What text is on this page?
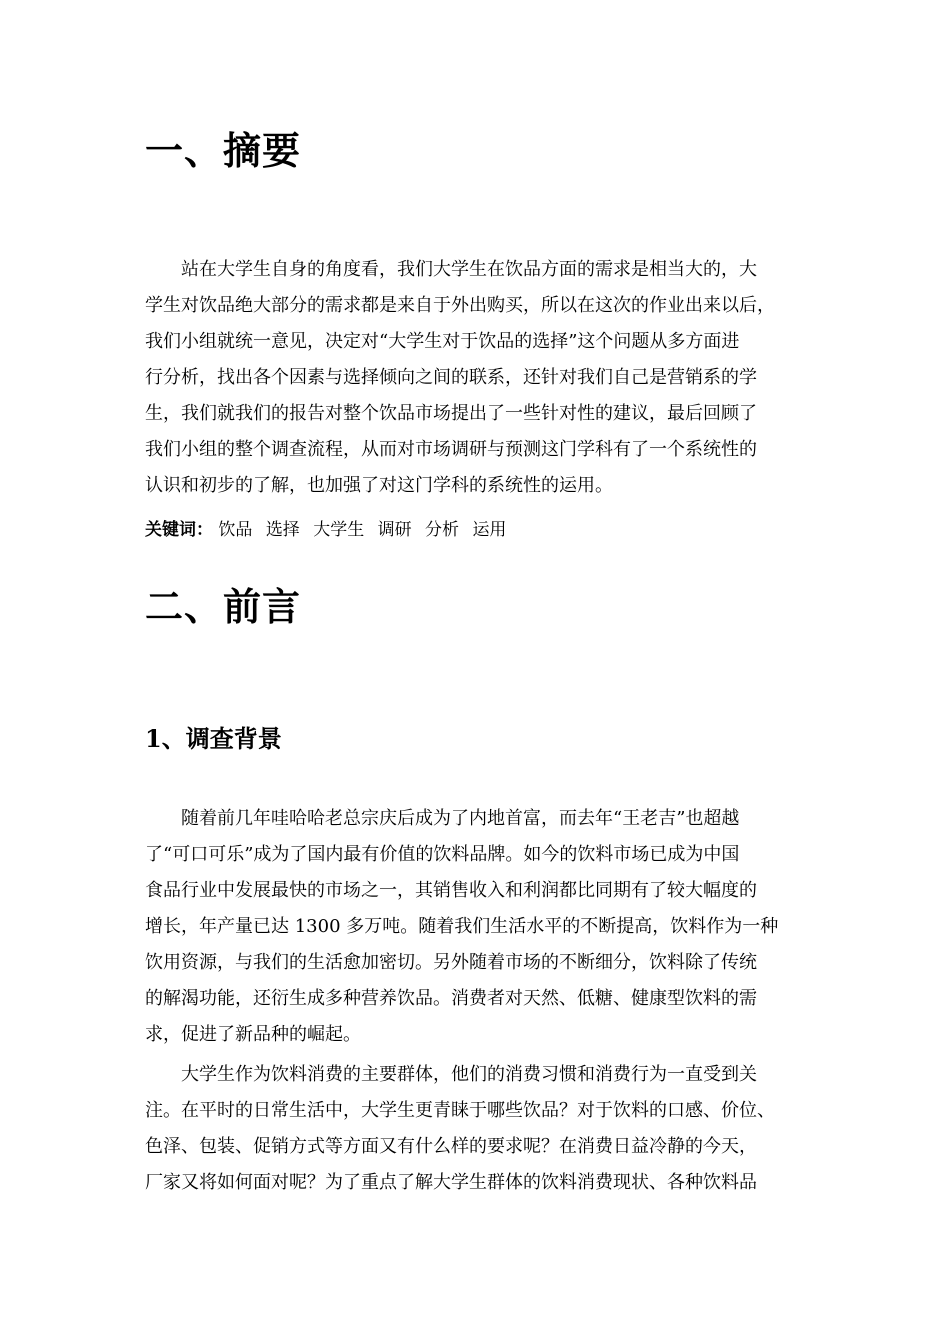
一、摘要

　　站在大学生自身的角度看，我们大学生在饮品方面的需求是相当大的，大
学生对饮品绝大部分的需求都是来自于外出购买，所以在这次的作业出来以后，
我们小组就统一意见，决定对“大学生对于饮品的选择”这个问题从多方面进
行分析，找出各个因素与选择倾向之间的联系，还针对我们自己是营销系的学
生，我们就我们的报告对整个饮品市场提出了一些针对性的建议，最后回顾了
我们小组的整个调查流程，从而对市场调研与预测这门学科有了一个系统性的
认识和初步的了解，也加强了对这门学科的系统性的运用。

关键词： 饮品 选择 大学生 调研 分析 运用

二、前言
1、调查背景

　　随着前几年哇哈哈老总宗庆后成为了内地首富，而去年“王老吉”也超越
了“可口可乐”成为了国内最有价值的饮料品牌。如今的饮料市场已成为中国
食品行业中发展最快的市场之一，其销售收入和利润都比同期有了较大幅度的
增长，年产量已达 1300 多万吨。随着我们生活水平的不断提高，饮料作为一种
饮用资源，与我们的生活愈加密切。另外随着市场的不断细分，饮料除了传统
的解渴功能，还衍生成多种营养饮品。消费者对天然、低糖、健康型饮料的需
求，促进了新品种的崛起。

　　大学生作为饮料消费的主要群体，他们的消费习惯和消费行为一直受到关
注。在平时的日常生活中，大学生更青睐于哪些饮品？对于饮料的口感、价位、
色泽、包装、促销方式等方面又有什么样的要求呢？在消费日益冷静的今天，
厂家又将如何面对呢？为了重点了解大学生群体的饮料消费现状、各种饮料品
